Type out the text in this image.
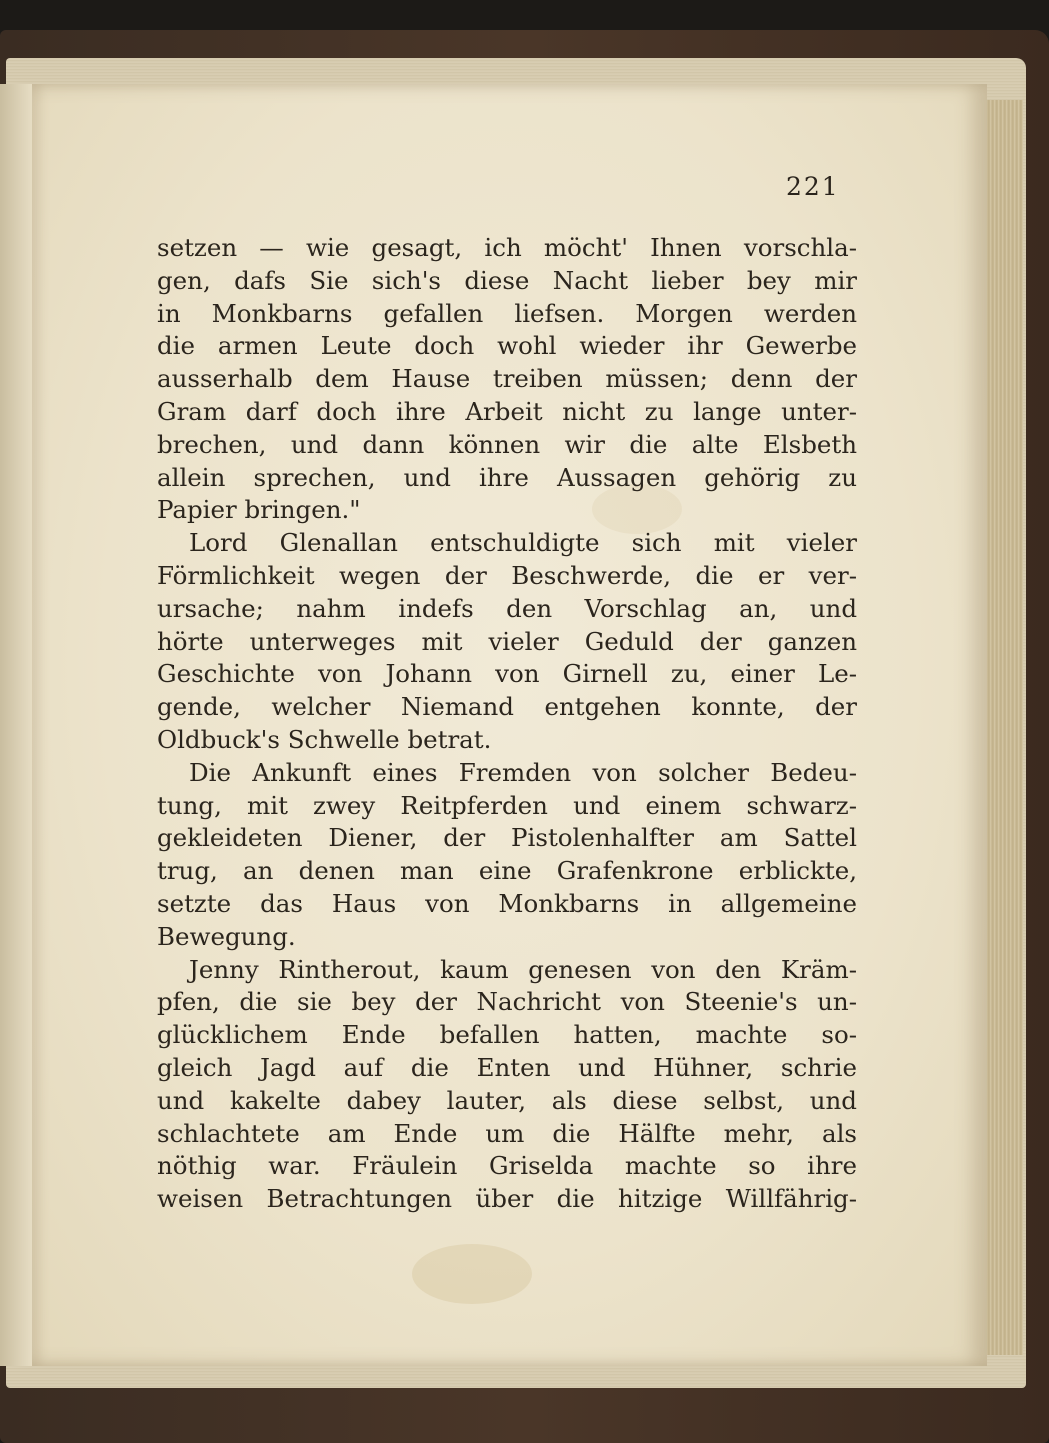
221
setzen — wie gesagt, ich möcht' Ihnen vorschla-
gen, dafs Sie sich's diese Nacht lieber bey mir
in Monkbarns gefallen liefsen. Morgen werden
die armen Leute doch wohl wieder ihr Gewerbe
ausserhalb dem Hause treiben müssen; denn der
Gram darf doch ihre Arbeit nicht zu lange unter-
brechen, und dann können wir die alte Elsbeth
allein sprechen, und ihre Aussagen gehörig zu
Papier bringen."
Lord Glenallan entschuldigte sich mit vieler
Förmlichkeit wegen der Beschwerde, die er ver-
ursache; nahm indefs den Vorschlag an, und
hörte unterweges mit vieler Geduld der ganzen
Geschichte von Johann von Girnell zu, einer Le-
gende, welcher Niemand entgehen konnte, der
Oldbuck's Schwelle betrat.
Die Ankunft eines Fremden von solcher Bedeu-
tung, mit zwey Reitpferden und einem schwarz-
gekleideten Diener, der Pistolenhalfter am Sattel
trug, an denen man eine Grafenkrone erblickte,
setzte das Haus von Monkbarns in allgemeine
Bewegung.
Jenny Rintherout, kaum genesen von den Kräm-
pfen, die sie bey der Nachricht von Steenie's un-
glücklichem Ende befallen hatten, machte so-
gleich Jagd auf die Enten und Hühner, schrie
und kakelte dabey lauter, als diese selbst, und
schlachtete am Ende um die Hälfte mehr, als
nöthig war. Fräulein Griselda machte so ihre
weisen Betrachtungen über die hitzige Willfährig-
